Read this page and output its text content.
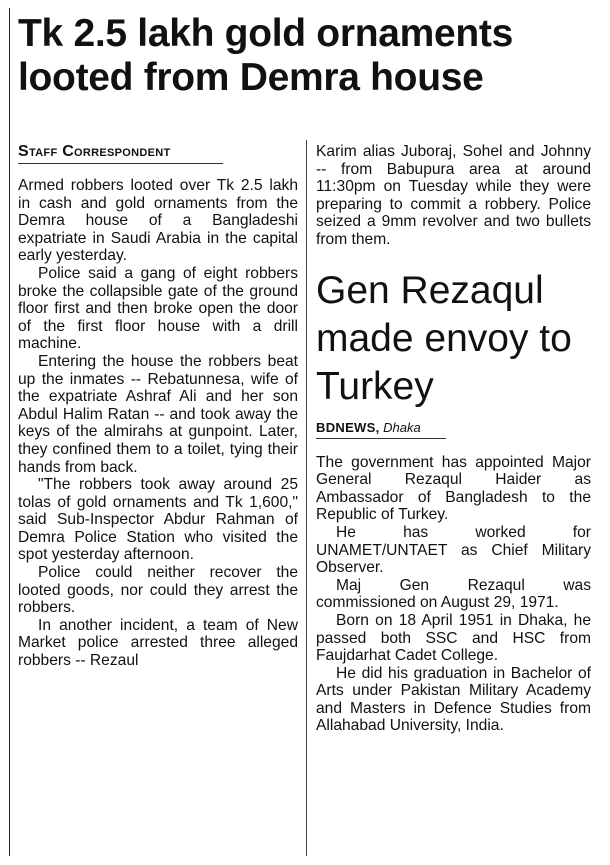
Tk 2.5 lakh gold ornaments looted from Demra house
Staff Correspondent

Armed robbers looted over Tk 2.5 lakh in cash and gold ornaments from the Demra house of a Bangladeshi expatriate in Saudi Arabia in the capital early yesterday.

Police said a gang of eight robbers broke the collapsible gate of the ground floor first and then broke open the door of the first floor house with a drill machine.

Entering the house the robbers beat up the inmates -- Rebatunnesa, wife of the expatriate Ashraf Ali and her son Abdul Halim Ratan -- and took away the keys of the almirahs at gunpoint. Later, they confined them to a toilet, tying their hands from back.

"The robbers took away around 25 tolas of gold ornaments and Tk 1,600," said Sub-Inspector Abdur Rahman of Demra Police Station who visited the spot yesterday afternoon.

Police could neither recover the looted goods, nor could they arrest the robbers.

In another incident, a team of New Market police arrested three alleged robbers -- Rezaul

Karim alias Juboraj, Sohel and Johnny -- from Babupura area at around 11:30pm on Tuesday while they were preparing to commit a robbery. Police seized a 9mm revolver and two bullets from them.

Gen Rezaqul made envoy to Turkey
BDNEWS, Dhaka

The government has appointed Major General Rezaqul Haider as Ambassador of Bangladesh to the Republic of Turkey.

He has worked for UNAMET/UNTAET as Chief Military Observer.

Maj Gen Rezaqul was commissioned on August 29, 1971.

Born on 18 April 1951 in Dhaka, he passed both SSC and HSC from Faujdarhat Cadet College.

He did his graduation in Bachelor of Arts under Pakistan Military Academy and Masters in Defence Studies from Allahabad University, India.
